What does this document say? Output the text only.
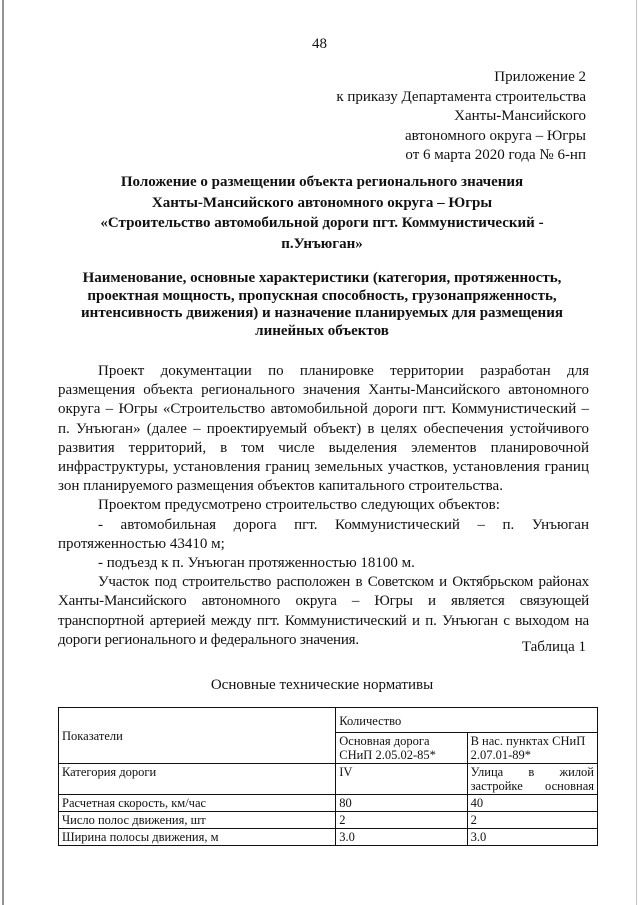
48
Приложение 2
к приказу Департамента строительства
Ханты-Мансийского
автономного округа – Югры
от 6 марта 2020 года № 6-нп
Положение о размещении объекта регионального значения
Ханты-Мансийского автономного округа – Югры
«Строительство автомобильной дороги пгт. Коммунистический -
п.Унъюган»
Наименование, основные характеристики (категория, протяженность,
проектная мощность, пропускная способность, грузонапряженность,
интенсивность движения) и назначение планируемых для размещения
линейных объектов

Проект документации по планировке территории разработан для размещения объекта регионального значения Ханты-Мансийского автономного округа – Югры «Строительство автомобильной дороги пгт. Коммунистический – п. Унъюган» (далее – проектируемый объект) в целях обеспечения устойчивого развития территорий, в том числе выделения элементов планировочной инфраструктуры, установления границ земельных участков, установления границ зон планируемого размещения объектов капитального строительства.

Проектом предусмотрено строительство следующих объектов:

- автомобильная дорога пгт. Коммунистический – п. Унъюган протяженностью 43410 м;

- подъезд к п. Унъюган протяженностью 18100 м.

Участок под строительство расположен в Советском и Октябрьском районах Ханты-Мансийского автономного округа – Югры и является связующей транспортной артерией между пгт. Коммунистический и п. Унъюган с выходом на дороги регионального и федерального значения.	Таблица 1
Основные технические нормативы
Показатели	Количество	
	Основная дорога СНиП 2.05.02-85*	В нас. пунктах СНиП 2.07.01-89*
Категория дороги	IV	Улица в жилой застройке основная
Расчетная скорость, км/час	80	40
Число полос движения, шт	2	2
Ширина полосы движения, м	3.0	3.0
